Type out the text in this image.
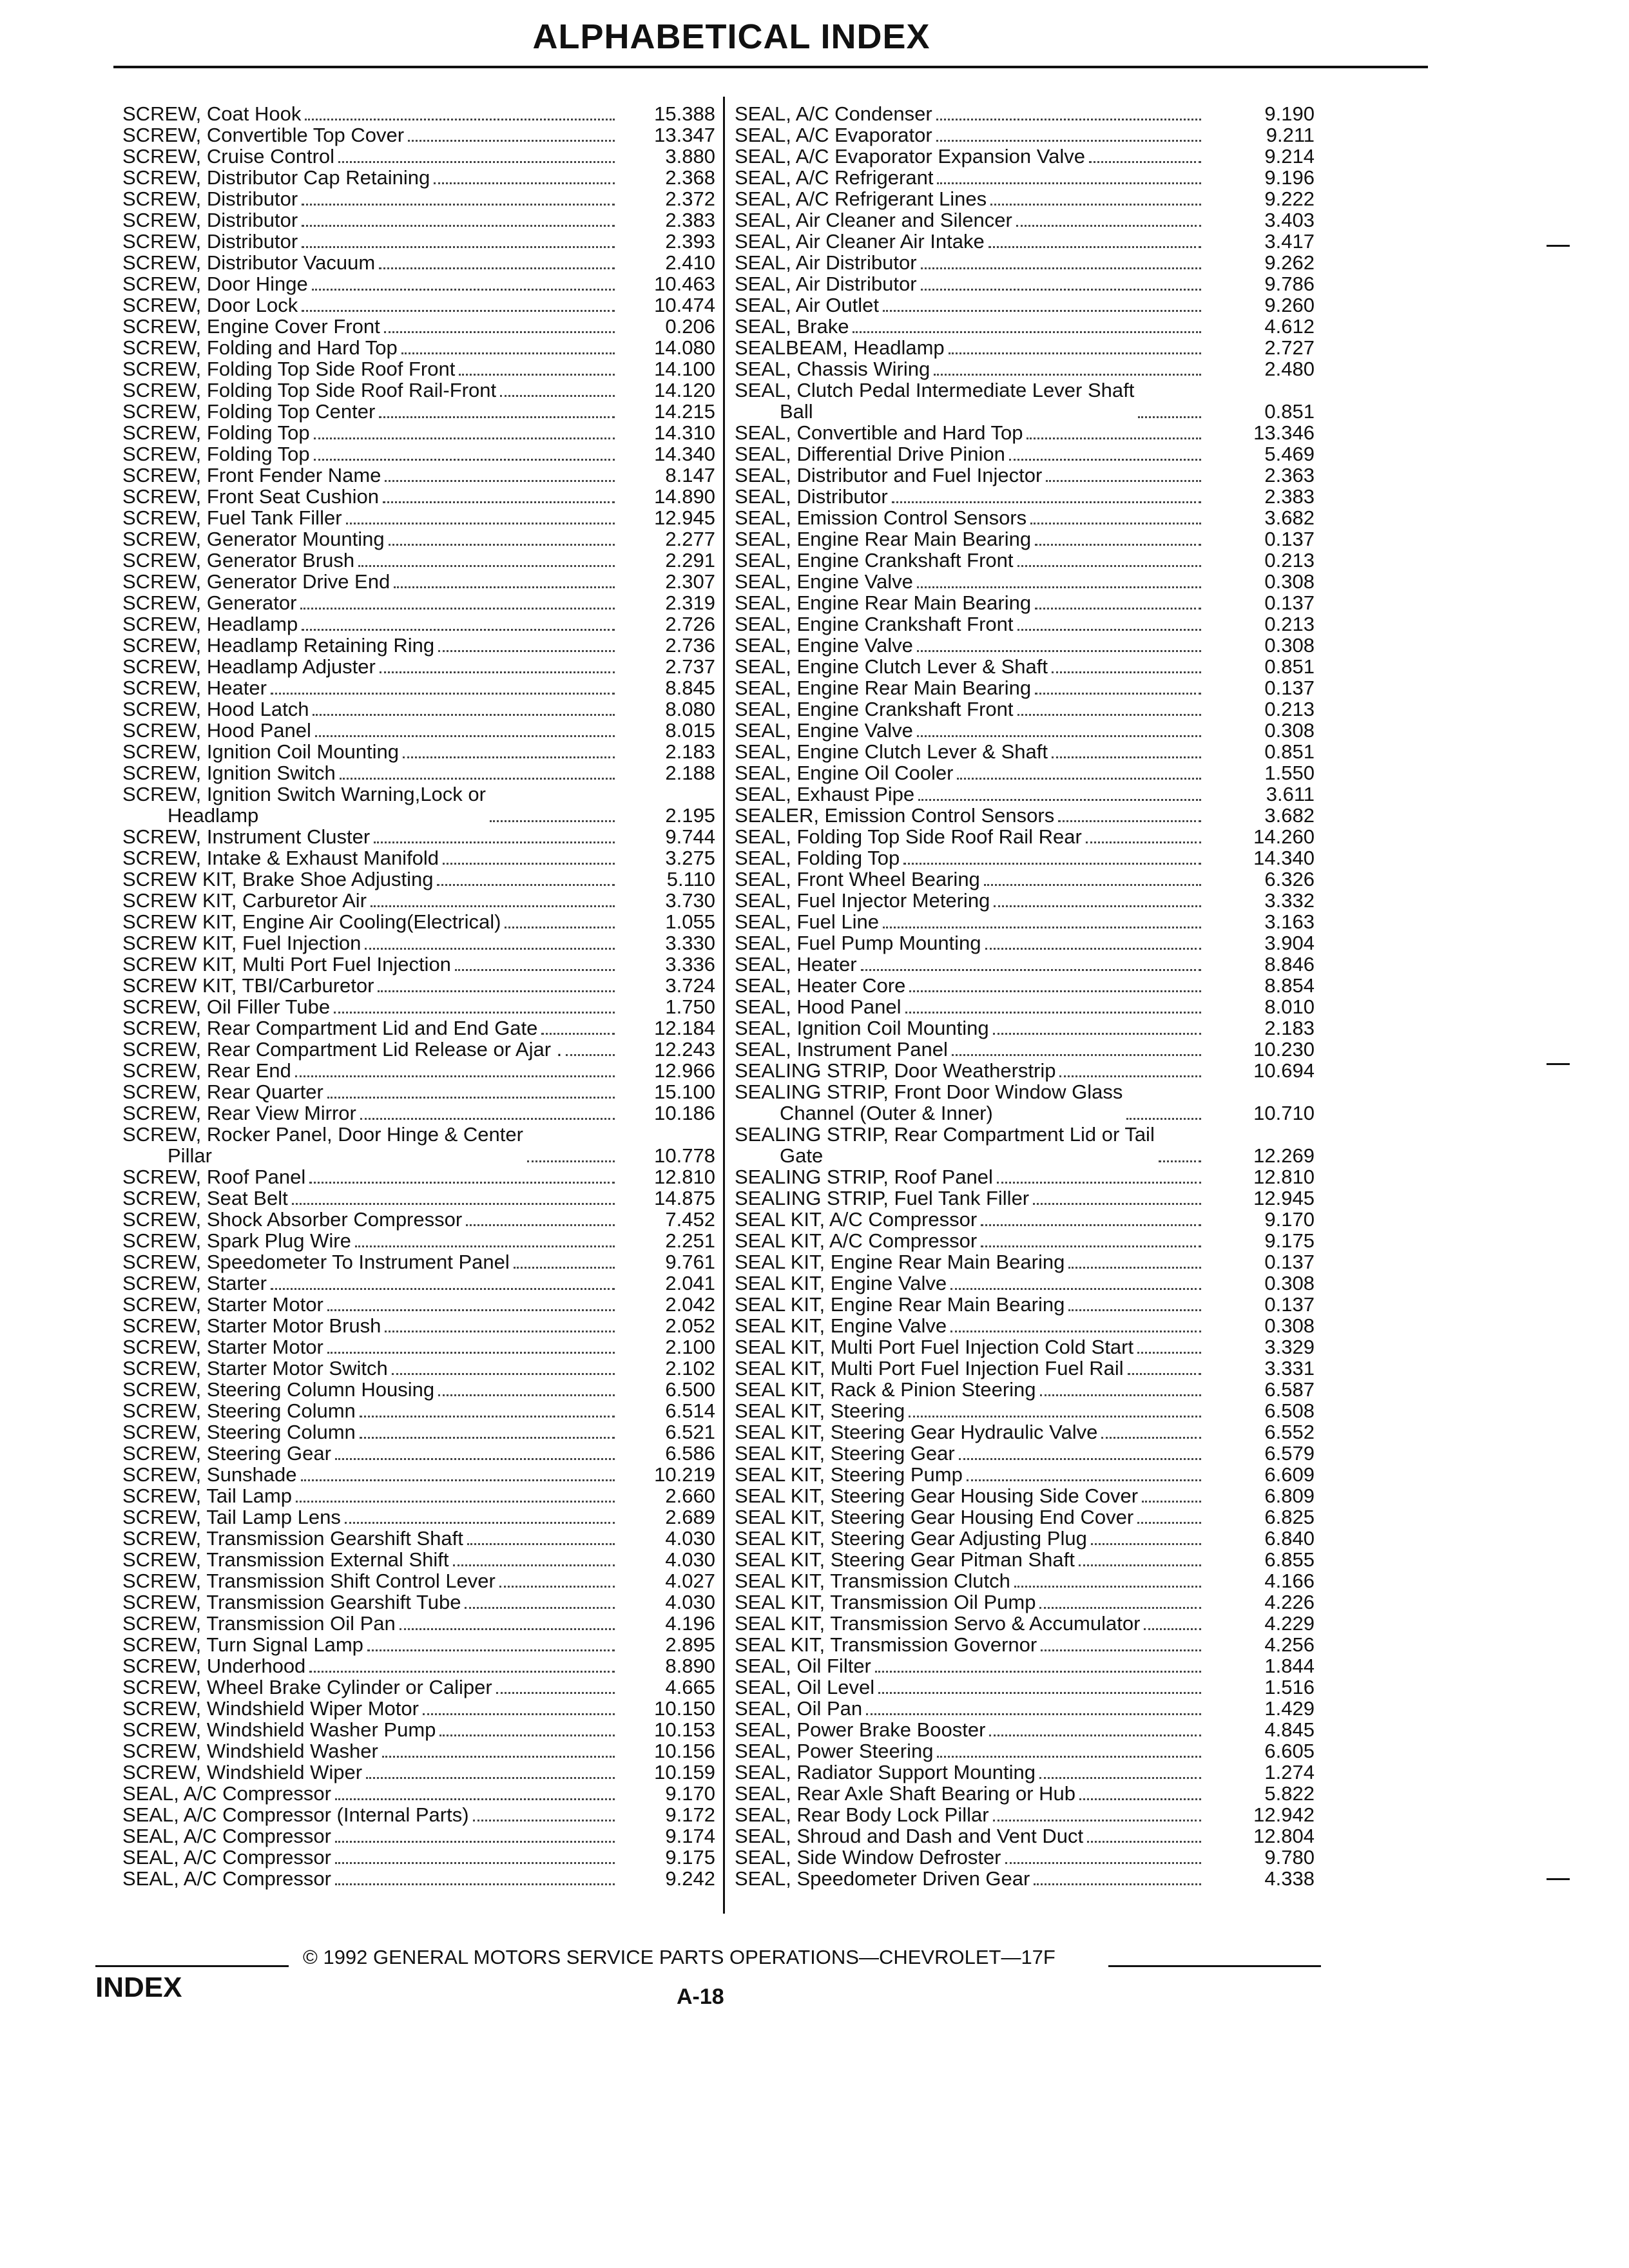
ALPHABETICAL INDEX
SCREW, Coat Hook	15.388
SCREW, Convertible Top Cover	13.347
SCREW, Cruise Control	3.880
SCREW, Distributor Cap Retaining	2.368
SCREW, Distributor	2.372
SCREW, Distributor	2.383
SCREW, Distributor	2.393
SCREW, Distributor Vacuum	2.410
SCREW, Door Hinge	10.463
SCREW, Door Lock	10.474
SCREW, Engine Cover Front	0.206
SCREW, Folding and Hard Top	14.080
SCREW, Folding Top Side Roof Front	14.100
SCREW, Folding Top Side Roof Rail-Front	14.120
SCREW, Folding Top Center	14.215
SCREW, Folding Top	14.310
SCREW, Folding Top	14.340
SCREW, Front Fender Name	8.147
SCREW, Front Seat Cushion	14.890
SCREW, Fuel Tank Filler	12.945
SCREW, Generator Mounting	2.277
SCREW, Generator Brush	2.291
SCREW, Generator Drive End	2.307
SCREW, Generator	2.319
SCREW, Headlamp	2.726
SCREW, Headlamp Retaining Ring	2.736
SCREW, Headlamp Adjuster	2.737
SCREW, Heater	8.845
SCREW, Hood Latch	8.080
SCREW, Hood Panel	8.015
SCREW, Ignition Coil Mounting	2.183
SCREW, Ignition Switch	2.188
SCREW, Ignition Switch Warning,Lock or
Headlamp	2.195
SCREW, Instrument Cluster	9.744
SCREW, Intake & Exhaust Manifold	3.275
SCREW KIT, Brake Shoe Adjusting	5.110
SCREW KIT, Carburetor Air	3.730
SCREW KIT, Engine Air Cooling(Electrical)	1.055
SCREW KIT, Fuel Injection	3.330
SCREW KIT, Multi Port Fuel Injection	3.336
SCREW KIT, TBI/Carburetor	3.724
SCREW, Oil Filler Tube	1.750
SCREW, Rear Compartment Lid and End Gate	12.184
SCREW, Rear Compartment Lid Release or Ajar .	12.243
SCREW, Rear End	12.966
SCREW, Rear Quarter	15.100
SCREW, Rear View Mirror	10.186
SCREW, Rocker Panel, Door Hinge & Center
Pillar	10.778
SCREW, Roof Panel	12.810
SCREW, Seat Belt	14.875
SCREW, Shock Absorber Compressor	7.452
SCREW, Spark Plug Wire	2.251
SCREW, Speedometer To Instrument Panel	9.761
SCREW, Starter	2.041
SCREW, Starter Motor	2.042
SCREW, Starter Motor Brush	2.052
SCREW, Starter Motor	2.100
SCREW, Starter Motor Switch	2.102
SCREW, Steering Column Housing	6.500
SCREW, Steering Column	6.514
SCREW, Steering Column	6.521
SCREW, Steering Gear	6.586
SCREW, Sunshade	10.219
SCREW, Tail Lamp	2.660
SCREW, Tail Lamp Lens	2.689
SCREW, Transmission Gearshift Shaft	4.030
SCREW, Transmission External Shift	4.030
SCREW, Transmission Shift Control Lever	4.027
SCREW, Transmission Gearshift Tube	4.030
SCREW, Transmission Oil Pan	4.196
SCREW, Turn Signal Lamp	2.895
SCREW, Underhood	8.890
SCREW, Wheel Brake Cylinder or Caliper	4.665
SCREW, Windshield Wiper Motor	10.150
SCREW, Windshield Washer Pump	10.153
SCREW, Windshield Washer	10.156
SCREW, Windshield Wiper	10.159
SEAL, A/C Compressor	9.170
SEAL, A/C Compressor (Internal Parts)	9.172
SEAL, A/C Compressor	9.174
SEAL, A/C Compressor	9.175
SEAL, A/C Compressor	9.242
SEAL, A/C Condenser	9.190
SEAL, A/C Evaporator	9.211
SEAL, A/C Evaporator Expansion Valve	9.214
SEAL, A/C Refrigerant	9.196
SEAL, A/C Refrigerant Lines	9.222
SEAL, Air Cleaner and Silencer	3.403
SEAL, Air Cleaner Air Intake	3.417
SEAL, Air Distributor	9.262
SEAL, Air Distributor	9.786
SEAL, Air Outlet	9.260
SEAL, Brake	4.612
SEALBEAM, Headlamp	2.727
SEAL, Chassis Wiring	2.480
SEAL, Clutch Pedal Intermediate Lever Shaft
Ball	0.851
SEAL, Convertible and Hard Top	13.346
SEAL, Differential Drive Pinion	5.469
SEAL, Distributor and Fuel Injector	2.363
SEAL, Distributor	2.383
SEAL, Emission Control Sensors	3.682
SEAL, Engine Rear Main Bearing	0.137
SEAL, Engine Crankshaft Front	0.213
SEAL, Engine Valve	0.308
SEAL, Engine Rear Main Bearing	0.137
SEAL, Engine Crankshaft Front	0.213
SEAL, Engine Valve	0.308
SEAL, Engine Clutch Lever & Shaft	0.851
SEAL, Engine Rear Main Bearing	0.137
SEAL, Engine Crankshaft Front	0.213
SEAL, Engine Valve	0.308
SEAL, Engine Clutch Lever & Shaft	0.851
SEAL, Engine Oil Cooler	1.550
SEAL, Exhaust Pipe	3.611
SEALER, Emission Control Sensors	3.682
SEAL, Folding Top Side Roof Rail Rear	14.260
SEAL, Folding Top	14.340
SEAL, Front Wheel Bearing	6.326
SEAL, Fuel Injector Metering	3.332
SEAL, Fuel Line	3.163
SEAL, Fuel Pump Mounting	3.904
SEAL, Heater	8.846
SEAL, Heater Core	8.854
SEAL, Hood Panel	8.010
SEAL, Ignition Coil Mounting	2.183
SEAL, Instrument Panel	10.230
SEALING STRIP, Door Weatherstrip	10.694
SEALING STRIP, Front Door Window Glass
Channel (Outer & Inner)	10.710
SEALING STRIP, Rear Compartment Lid or Tail
Gate	12.269
SEALING STRIP, Roof Panel	12.810
SEALING STRIP, Fuel Tank Filler	12.945
SEAL KIT, A/C Compressor	9.170
SEAL KIT, A/C Compressor	9.175
SEAL KIT, Engine Rear Main Bearing	0.137
SEAL KIT, Engine Valve	0.308
SEAL KIT, Engine Rear Main Bearing	0.137
SEAL KIT, Engine Valve	0.308
SEAL KIT, Multi Port Fuel Injection Cold Start	3.329
SEAL KIT, Multi Port Fuel Injection Fuel Rail	3.331
SEAL KIT, Rack & Pinion Steering	6.587
SEAL KIT, Steering	6.508
SEAL KIT, Steering Gear Hydraulic Valve	6.552
SEAL KIT, Steering Gear	6.579
SEAL KIT, Steering Pump	6.609
SEAL KIT, Steering Gear Housing Side Cover	6.809
SEAL KIT, Steering Gear Housing End Cover	6.825
SEAL KIT, Steering Gear Adjusting Plug	6.840
SEAL KIT, Steering Gear Pitman Shaft	6.855
SEAL KIT, Transmission Clutch	4.166
SEAL KIT, Transmission Oil Pump	4.226
SEAL KIT, Transmission Servo & Accumulator	4.229
SEAL KIT, Transmission Governor	4.256
SEAL, Oil Filter	1.844
SEAL, Oil Level	1.516
SEAL, Oil Pan	1.429
SEAL, Power Brake Booster	4.845
SEAL, Power Steering	6.605
SEAL, Radiator Support Mounting	1.274
SEAL, Rear Axle Shaft Bearing or Hub	5.822
SEAL, Rear Body Lock Pillar	12.942
SEAL, Shroud and Dash and Vent Duct	12.804
SEAL, Side Window Defroster	9.780
SEAL, Speedometer Driven Gear	4.338
© 1992 GENERAL MOTORS SERVICE PARTS OPERATIONS—CHEVROLET—17F
INDEX	A-18
